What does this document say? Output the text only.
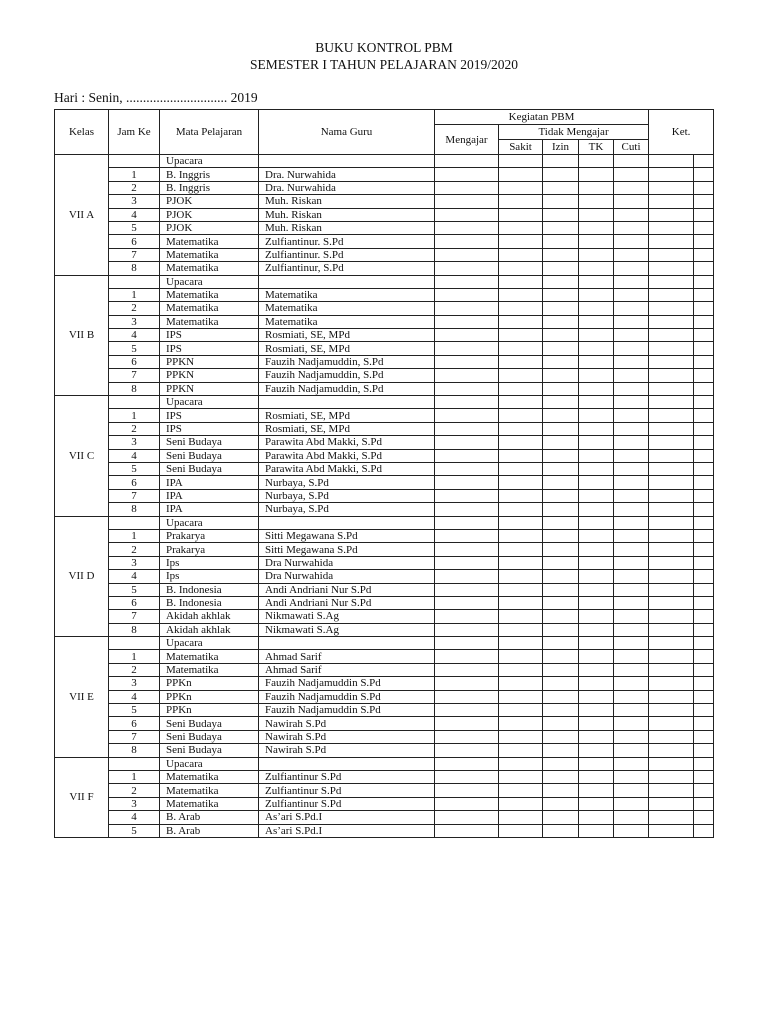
BUKU KONTROL PBM
SEMESTER I TAHUN PELAJARAN 2019/2020
Hari : Senin, .............................. 2019
Kelas	Jam Ke	Mata Pelajaran	Nama Guru	Kegiatan PBM					Ket.
				Mengajar	Tidak Mengajar				
					Sakit	Izin	TK	Cuti	
VII A		Upacara								
	1	B. Inggris	Dra. Nurwahida							
	2	B. Inggris	Dra. Nurwahida							
	3	PJOK	Muh. Riskan							
	4	PJOK	Muh. Riskan							
	5	PJOK	Muh. Riskan							
	6	Matematika	Zulfiantinur. S.Pd							
	7	Matematika	Zulfiantinur. S.Pd							
	8	Matematika	Zulfiantinur, S.Pd							
VII B		Upacara								
	1	Matematika	Matematika							
	2	Matematika	Matematika							
	3	Matematika	Matematika							
	4	IPS	Rosmiati, SE, MPd							
	5	IPS	Rosmiati, SE, MPd							
	6	PPKN	Fauzih Nadjamuddin, S.Pd							
	7	PPKN	Fauzih Nadjamuddin, S.Pd							
	8	PPKN	Fauzih Nadjamuddin, S.Pd							
VII C		Upacara								
	1	IPS	Rosmiati, SE, MPd							
	2	IPS	Rosmiati, SE, MPd							
	3	Seni Budaya	Parawita Abd Makki, S.Pd							
	4	Seni Budaya	Parawita Abd Makki, S.Pd							
	5	Seni Budaya	Parawita Abd Makki, S.Pd							
	6	IPA	Nurbaya, S.Pd							
	7	IPA	Nurbaya, S.Pd							
	8	IPA	Nurbaya, S.Pd							
VII D		Upacara								
	1	Prakarya	Sitti Megawana S.Pd							
	2	Prakarya	Sitti Megawana S.Pd							
	3	Ips	Dra Nurwahida							
	4	Ips	Dra Nurwahida							
	5	B. Indonesia	Andi Andriani Nur S.Pd							
	6	B. Indonesia	Andi Andriani Nur S.Pd							
	7	Akidah akhlak	Nikmawati S.Ag							
	8	Akidah akhlak	Nikmawati S.Ag							
VII E		Upacara								
	1	Matematika	Ahmad Sarif							
	2	Matematika	Ahmad Sarif							
	3	PPKn	Fauzih Nadjamuddin S.Pd							
	4	PPKn	Fauzih Nadjamuddin S.Pd							
	5	PPKn	Fauzih Nadjamuddin S.Pd							
	6	Seni Budaya	Nawirah S.Pd							
	7	Seni Budaya	Nawirah S.Pd							
	8	Seni Budaya	Nawirah S.Pd							
VII F		Upacara								
	1	Matematika	Zulfiantinur S.Pd							
	2	Matematika	Zulfiantinur S.Pd							
	3	Matematika	Zulfiantinur S.Pd							
	4	B. Arab	As’ari S.Pd.I							
	5	B. Arab	As’ari S.Pd.I							
